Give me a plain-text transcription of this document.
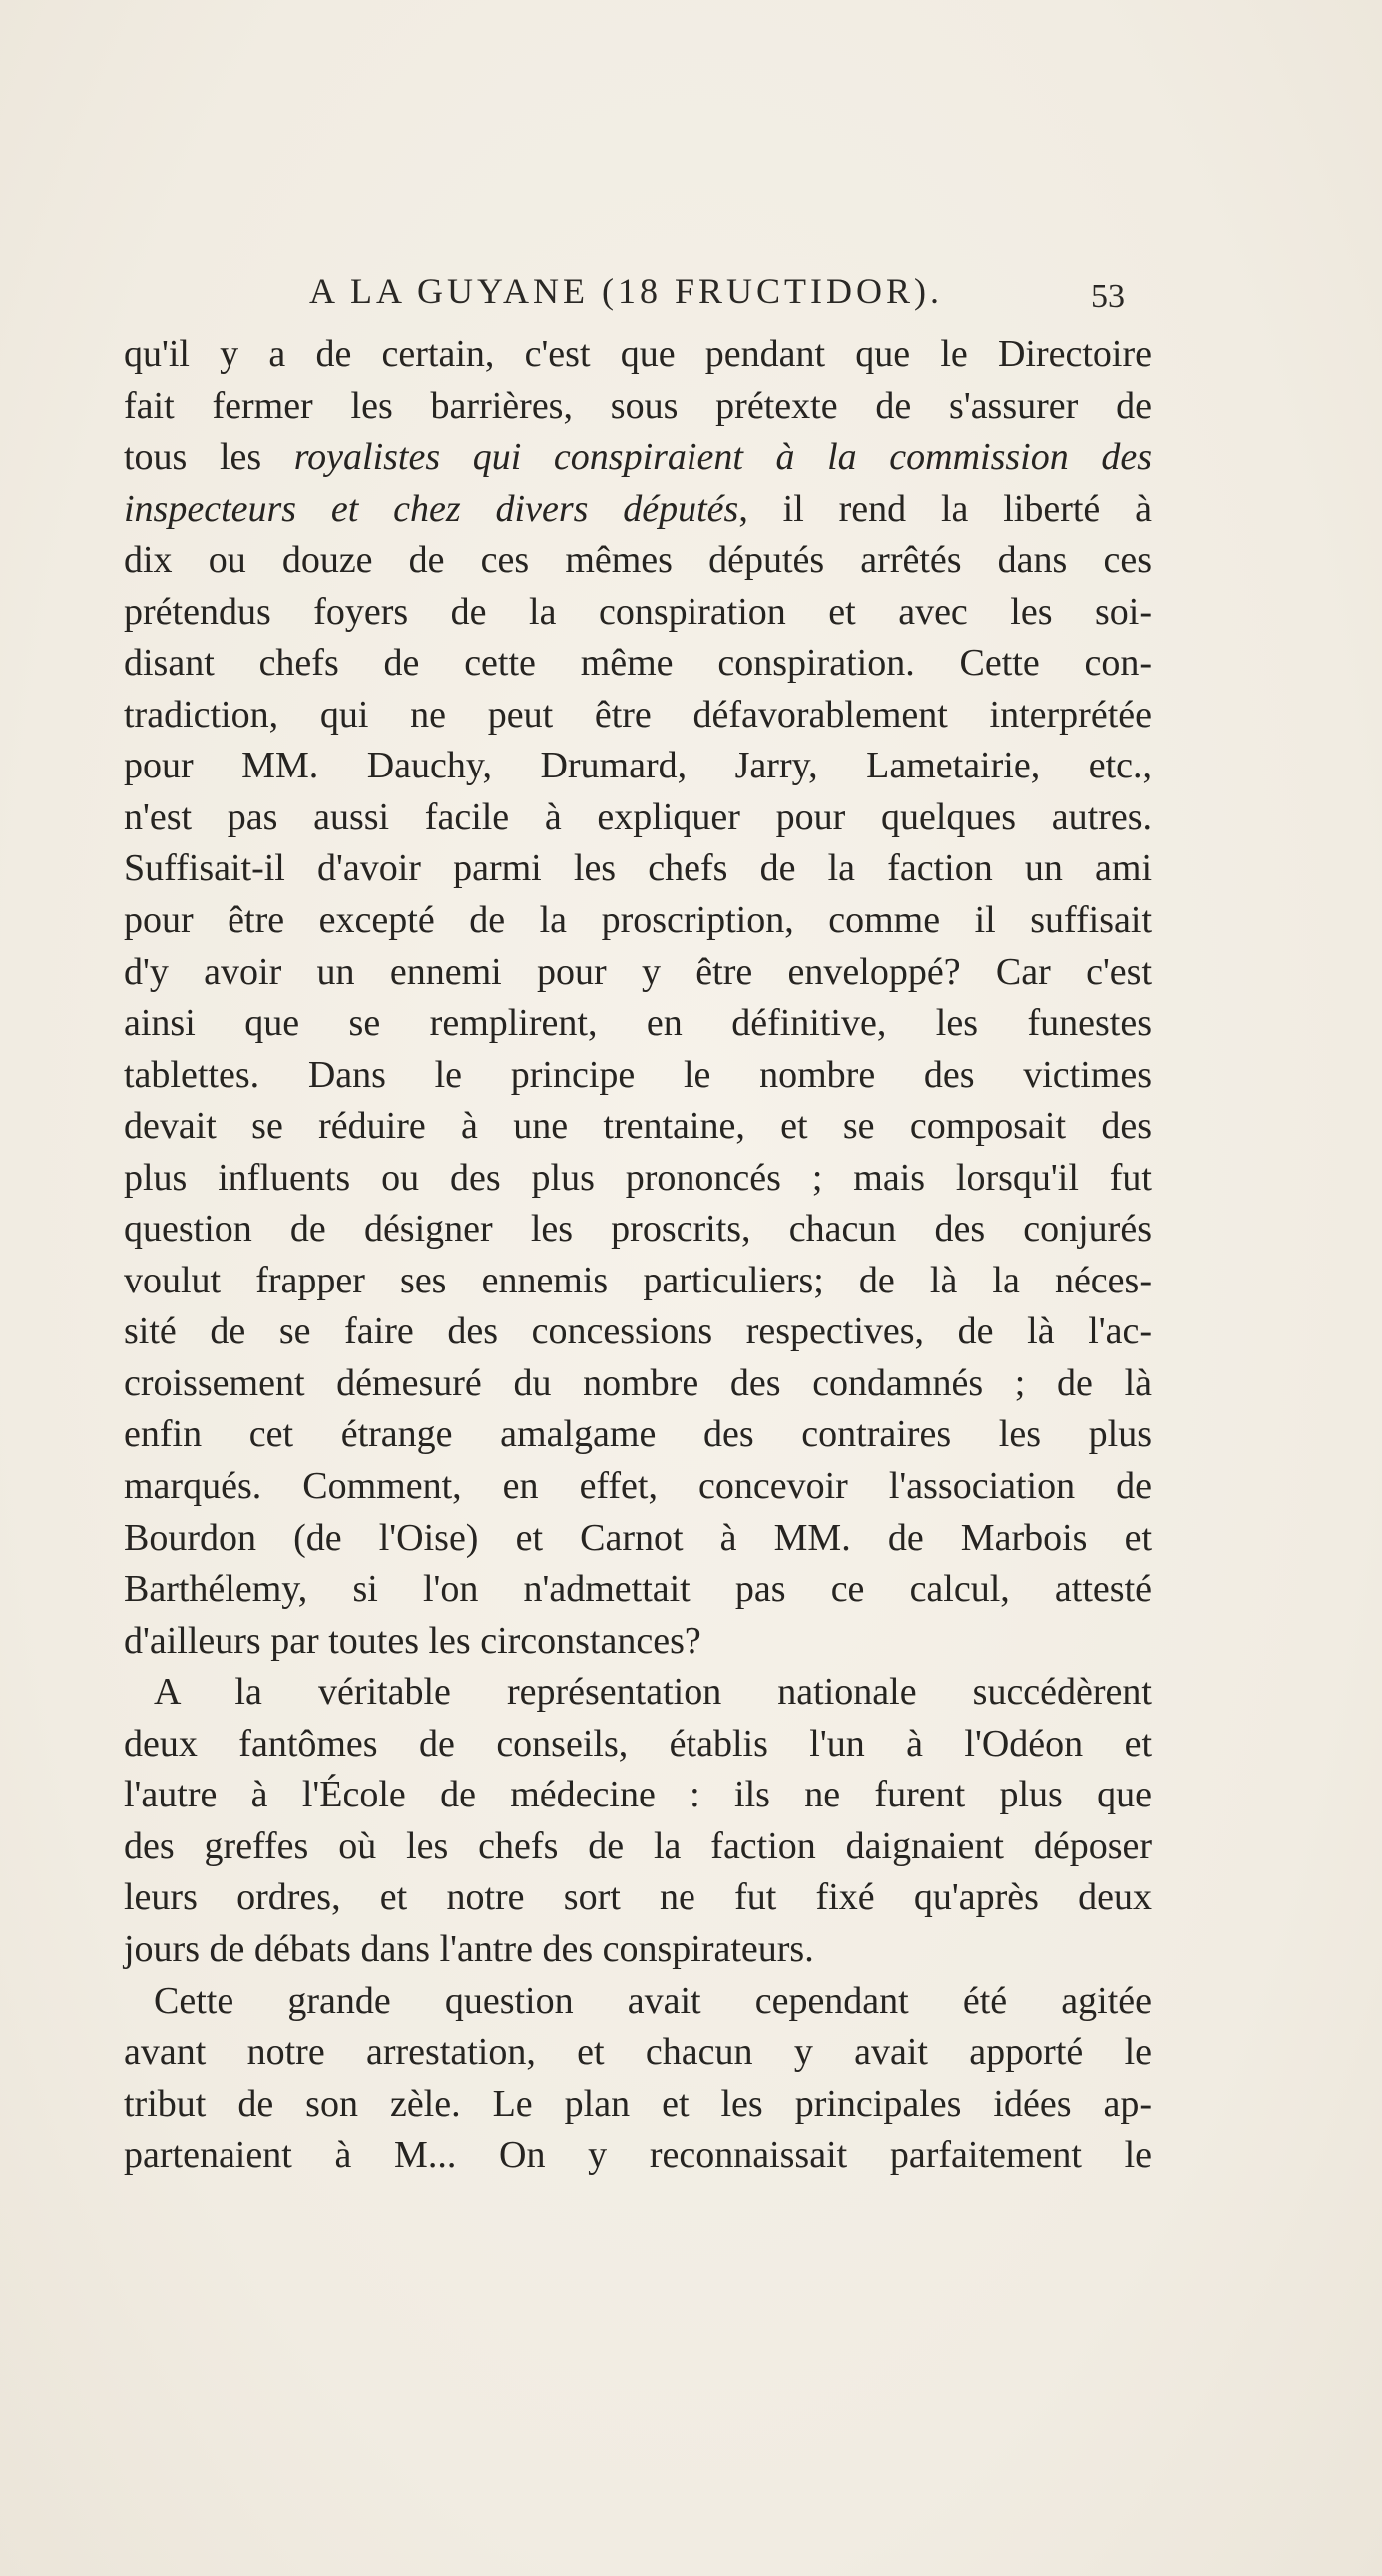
A LA GUYANE (18 FRUCTIDOR).	53
qu'il y a de certain, c'est que pendant que le Directoire
fait fermer les barrières, sous prétexte de s'assurer de
tous les royalistes qui conspiraient à la commission des
inspecteurs et chez divers députés, il rend la liberté à
dix ou douze de ces mêmes députés arrêtés dans ces
prétendus foyers de la conspiration et avec les soi-
disant chefs de cette même conspiration. Cette con-
tradiction, qui ne peut être défavorablement interprétée
pour MM. Dauchy, Drumard, Jarry, Lametairie, etc.,
n'est pas aussi facile à expliquer pour quelques autres.
Suffisait-il d'avoir parmi les chefs de la faction un ami
pour être excepté de la proscription, comme il suffisait
d'y avoir un ennemi pour y être enveloppé? Car c'est
ainsi que se remplirent, en définitive, les funestes
tablettes. Dans le principe le nombre des victimes
devait se réduire à une trentaine, et se composait des
plus influents ou des plus prononcés ; mais lorsqu'il fut
question de désigner les proscrits, chacun des conjurés
voulut frapper ses ennemis particuliers; de là la néces-
sité de se faire des concessions respectives, de là l'ac-
croissement démesuré du nombre des condamnés ; de là
enfin cet étrange amalgame des contraires les plus
marqués. Comment, en effet, concevoir l'association de
Bourdon (de l'Oise) et Carnot à MM. de Marbois et
Barthélemy, si l'on n'admettait pas ce calcul, attesté
d'ailleurs par toutes les circonstances?
A la véritable représentation nationale succédèrent
deux fantômes de conseils, établis l'un à l'Odéon et
l'autre à l'École de médecine : ils ne furent plus que
des greffes où les chefs de la faction daignaient déposer
leurs ordres, et notre sort ne fut fixé qu'après deux
jours de débats dans l'antre des conspirateurs.
Cette grande question avait cependant été agitée
avant notre arrestation, et chacun y avait apporté le
tribut de son zèle. Le plan et les principales idées ap-
partenaient à M... On y reconnaissait parfaitement le
